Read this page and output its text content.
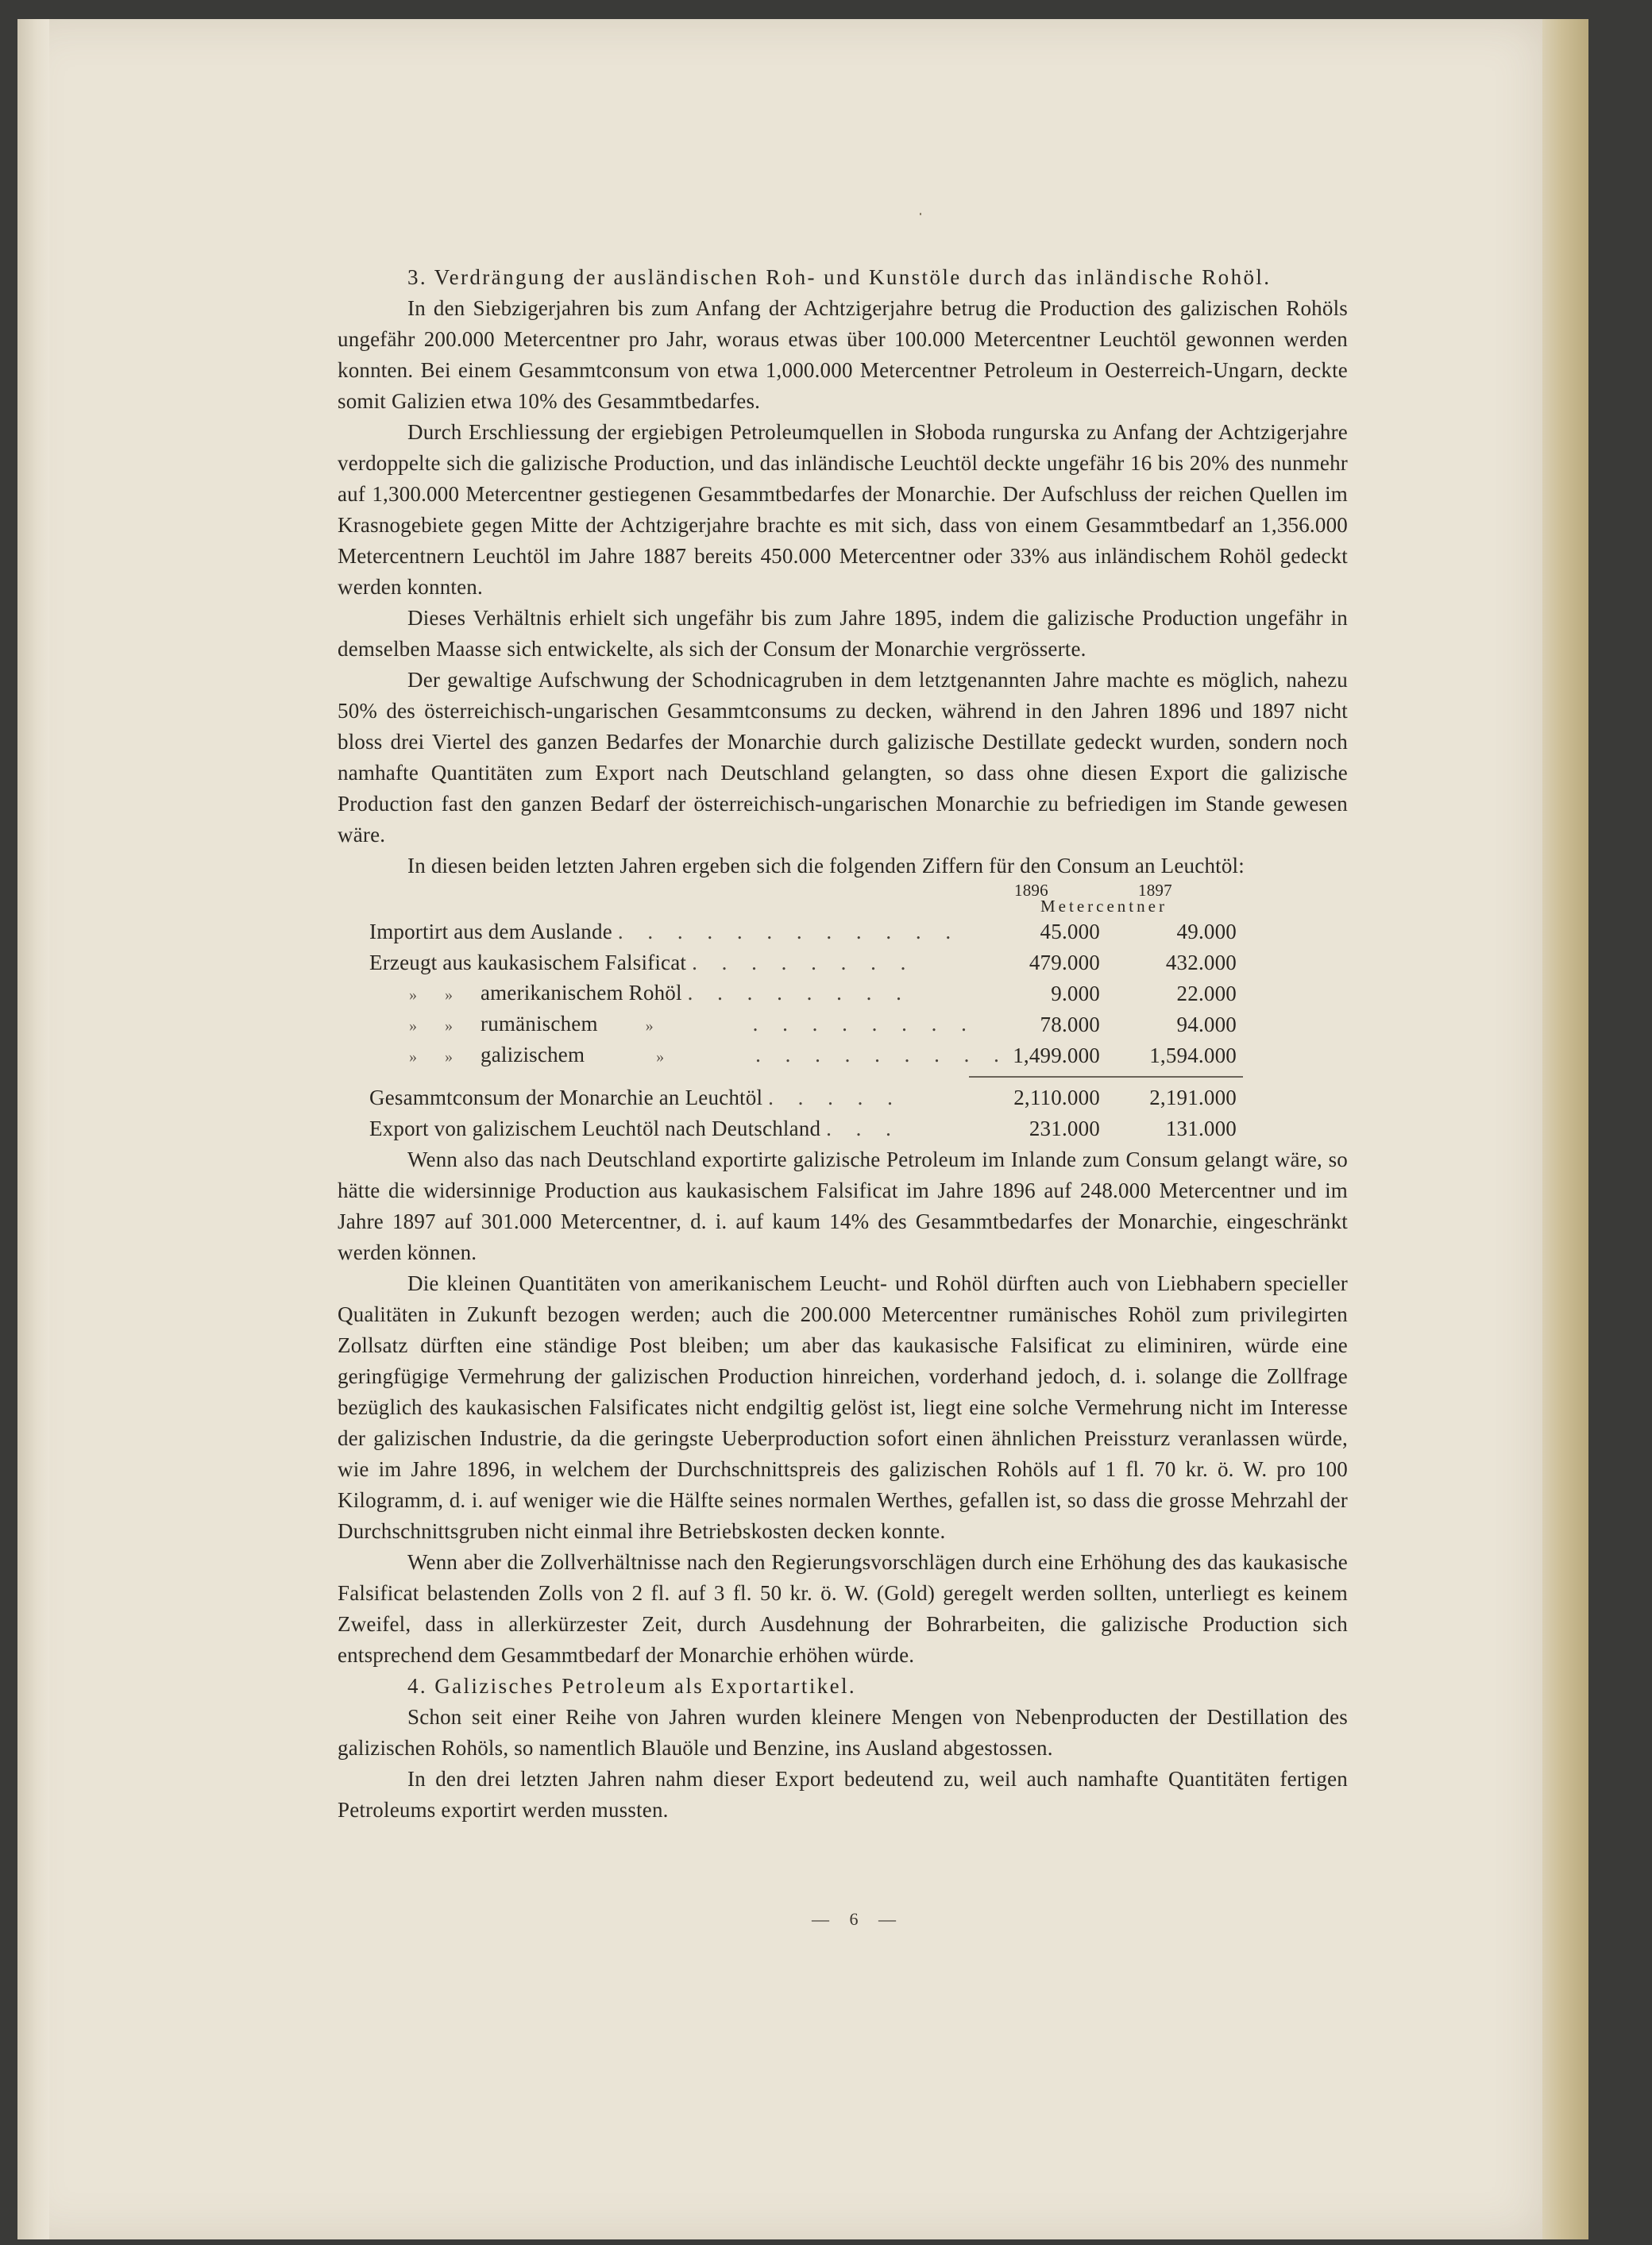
3. Verdrängung der ausländischen Roh- und Kunstöle durch das inländische Rohöl.

In den Siebzigerjahren bis zum Anfang der Achtzigerjahre betrug die Production des galizischen Rohöls ungefähr 200.000 Metercentner pro Jahr, woraus etwas über 100.000 Metercentner Leuchtöl gewonnen werden konnten. Bei einem Gesammtconsum von etwa 1,000.000 Metercentner Petroleum in Oesterreich-Ungarn, deckte somit Galizien etwa 10% des Gesammtbedarfes.

Durch Erschliessung der ergiebigen Petroleumquellen in Słoboda rungurska zu Anfang der Achtzigerjahre verdoppelte sich die galizische Production, und das inländische Leuchtöl deckte ungefähr 16 bis 20% des nunmehr auf 1,300.000 Metercentner gestiegenen Gesammtbedarfes der Monarchie. Der Aufschluss der reichen Quellen im Krasnogebiete gegen Mitte der Achtzigerjahre brachte es mit sich, dass von einem Gesammtbedarf an 1,356.000 Metercentnern Leuchtöl im Jahre 1887 bereits 450.000 Metercentner oder 33% aus inländischem Rohöl gedeckt werden konnten.

Dieses Verhältnis erhielt sich ungefähr bis zum Jahre 1895, indem die galizische Production ungefähr in demselben Maasse sich entwickelte, als sich der Consum der Monarchie vergrösserte.

Der gewaltige Aufschwung der Schodnicagruben in dem letztgenannten Jahre machte es möglich, nahezu 50% des österreichisch-ungarischen Gesammtconsums zu decken, während in den Jahren 1896 und 1897 nicht bloss drei Viertel des ganzen Bedarfes der Monarchie durch galizische Destillate gedeckt wurden, sondern noch namhafte Quantitäten zum Export nach Deutschland gelangten, so dass ohne diesen Export die galizische Production fast den ganzen Bedarf der österreichisch-ungarischen Monarchie zu befriedigen im Stande gewesen wäre.

In diesen beiden letzten Jahren ergeben sich die folgenden Ziffern für den Consum an Leuchtöl:

1896	1897
Metercentner
Importirt aus dem Auslande . . . . . . . . . . . .	45.000	49.000
Erzeugt aus kaukasischem Falsificat . . . . . . . .	479.000	432.000
» » amerikanischem Rohöl . . . . . . . .	9.000	22.000
» » rumänischem	»	. . . . . . . .	78.000	94.000
» » galizischem	»	. . . . . . . . . 1,499.000	1,594.000
Gesammtconsum der Monarchie an Leuchtöl . . . . .	2,110.000	2,191.000
Export von galizischem Leuchtöl nach Deutschland . . .	231.000	131.000

Wenn also das nach Deutschland exportirte galizische Petroleum im Inlande zum Consum gelangt wäre, so hätte die widersinnige Production aus kaukasischem Falsificat im Jahre 1896 auf 248.000 Metercentner und im Jahre 1897 auf 301.000 Metercentner, d. i. auf kaum 14% des Gesammtbedarfes der Monarchie, eingeschränkt werden können.

Die kleinen Quantitäten von amerikanischem Leucht- und Rohöl dürften auch von Liebhabern specieller Qualitäten in Zukunft bezogen werden; auch die 200.000 Metercentner rumänisches Rohöl zum privilegirten Zollsatz dürften eine ständige Post bleiben; um aber das kaukasische Falsificat zu eliminiren, würde eine geringfügige Vermehrung der galizischen Production hinreichen, vorderhand jedoch, d. i. solange die Zollfrage bezüglich des kaukasischen Falsificates nicht endgiltig gelöst ist, liegt eine solche Vermehrung nicht im Interesse der galizischen Industrie, da die geringste Ueberproduction sofort einen ähnlichen Preissturz veranlassen würde, wie im Jahre 1896, in welchem der Durchschnittspreis des galizischen Rohöls auf 1 fl. 70 kr. ö. W. pro 100 Kilogramm, d. i. auf weniger wie die Hälfte seines normalen Werthes, gefallen ist, so dass die grosse Mehrzahl der Durchschnittsgruben nicht einmal ihre Betriebskosten decken konnte.

Wenn aber die Zollverhältnisse nach den Regierungsvorschlägen durch eine Erhöhung des das kaukasische Falsificat belastenden Zolls von 2 fl. auf 3 fl. 50 kr. ö. W. (Gold) geregelt werden sollten, unterliegt es keinem Zweifel, dass in allerkürzester Zeit, durch Ausdehnung der Bohrarbeiten, die galizische Production sich entsprechend dem Gesammtbedarf der Monarchie erhöhen würde.

4. Galizisches Petroleum als Exportartikel.

Schon seit einer Reihe von Jahren wurden kleinere Mengen von Nebenproducten der Destillation des galizischen Rohöls, so namentlich Blauöle und Benzine, ins Ausland abgestossen.

In den drei letzten Jahren nahm dieser Export bedeutend zu, weil auch namhafte Quantitäten fertigen Petroleums exportirt werden mussten.

— 6 —
